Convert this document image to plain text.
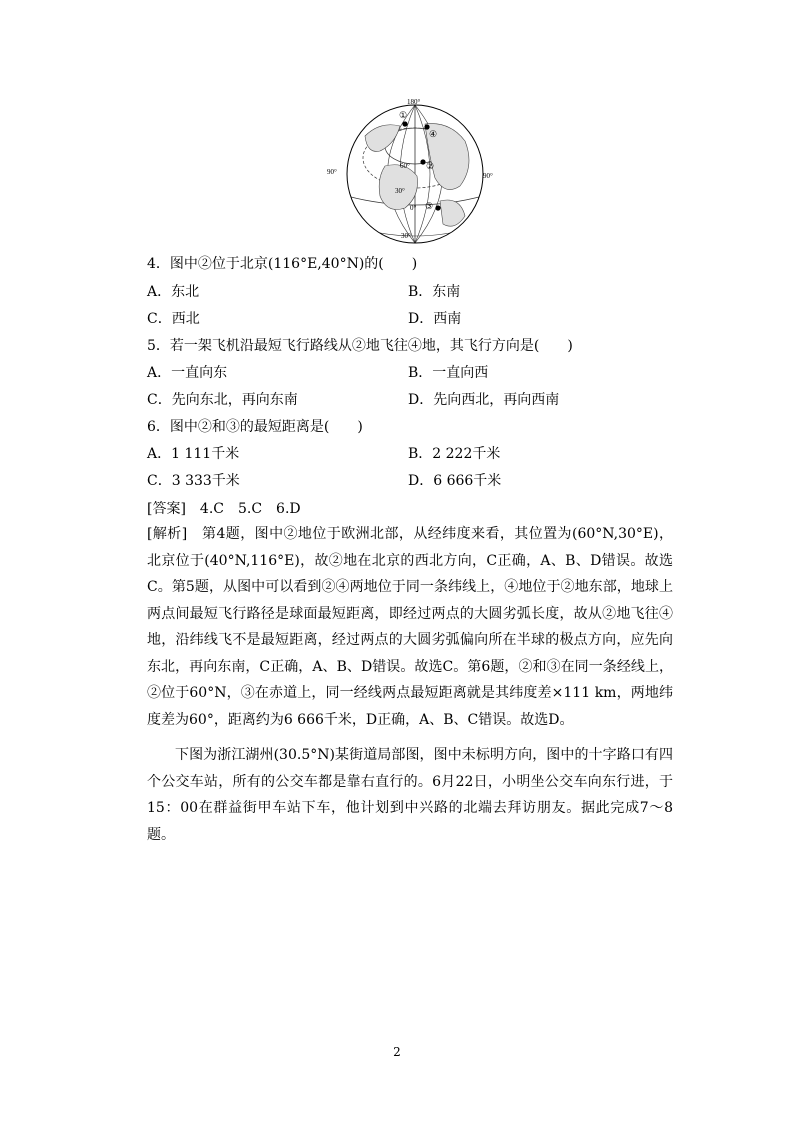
180°
90°	90°
60°
30°
0°
30°
①
④
②
③
4．图中②位于北京(116°E,40°N)的(　　)
A．东北	B．东南
C．西北	D．西南
5．若一架飞机沿最短飞行路线从②地飞往④地，其飞行方向是(　　)
A．一直向东	B．一直向西
C．先向东北，再向东南	D．先向西北，再向西南
6．图中②和③的最短距离是(　　)
A．1 111千米	B．2 222千米
C．3 333千米	D．6 666千米
[答案]　4.C　5.C　6.D

[解析]　第4题，图中②地位于欧洲北部，从经纬度来看，其位置为(60°N,30°E)，北京位于(40°N,116°E)，故②地在北京的西北方向，C正确，A、B、D错误。故选C。第5题，从图中可以看到②④两地位于同一条纬线上，④地位于②地东部，地球上两点间最短飞行路径是球面最短距离，即经过两点的大圆劣弧长度，故从②地飞往④地，沿纬线飞不是最短距离，经过两点的大圆劣弧偏向所在半球的极点方向，应先向东北，再向东南，C正确，A、B、D错误。故选C。第6题，②和③在同一条经线上，②位于60°N，③在赤道上，同一经线两点最短距离就是其纬度差×111 km，两地纬度差为60°，距离约为6 666千米，D正确，A、B、C错误。故选D。

下图为浙江湖州(30.5°N)某街道局部图，图中未标明方向，图中的十字路口有四个公交车站，所有的公交车都是靠右直行的。6月22日，小明坐公交车向东行进，于15：00在群益街甲车站下车，他计划到中兴路的北端去拜访朋友。据此完成7～8题。

2
